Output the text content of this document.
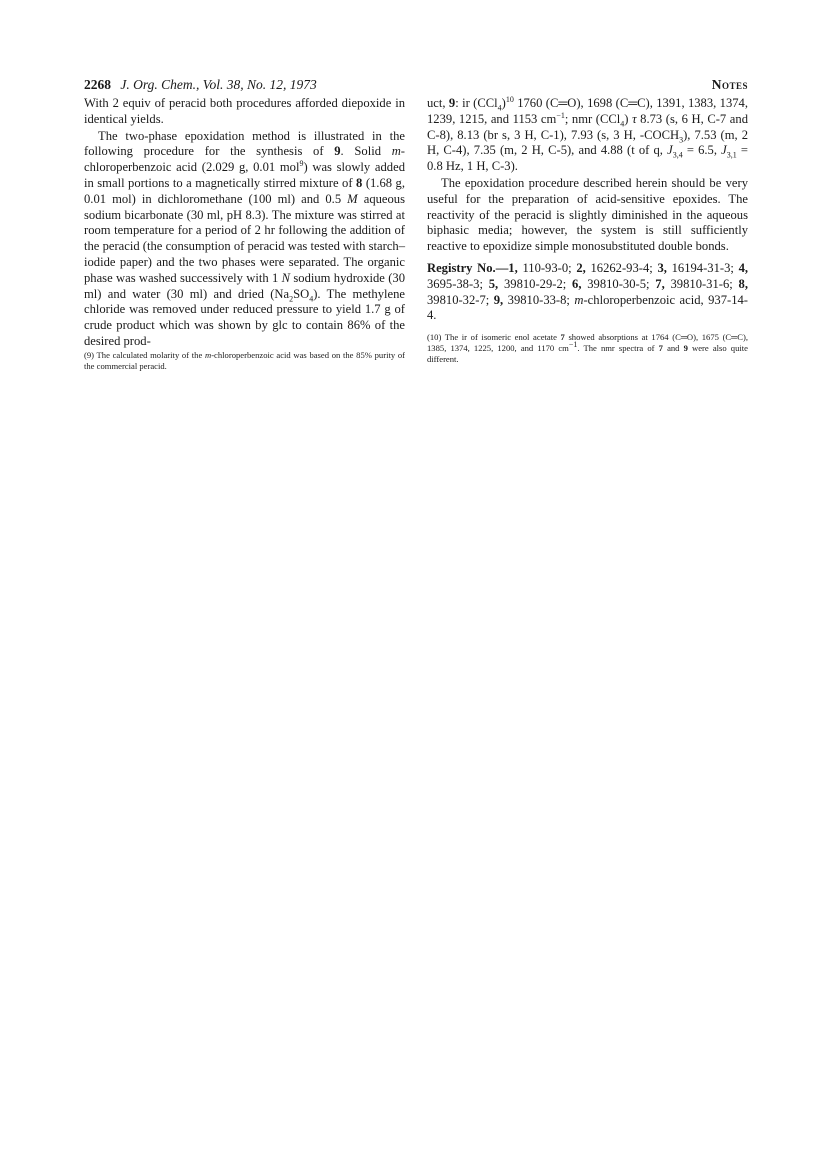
2268 J. Org. Chem., Vol. 38, No. 12, 1973	Notes

With 2 equiv of peracid both procedures afforded diepoxide in identical yields.

The two-phase epoxidation method is illustrated in the following procedure for the synthesis of 9. Solid m-chloroperbenzoic acid (2.029 g, 0.01 mol$^9$) was slowly added in small portions to a magnetically stirred mixture of 8 (1.68 g, 0.01 mol) in dichloromethane (100 ml) and 0.5 M aqueous sodium bicarbonate (30 ml, pH 8.3). The mixture was stirred at room temperature for a period of 2 hr following the addition of the peracid (the consumption of peracid was tested with starch–iodide paper) and the two phases were separated. The organic phase was washed successively with 1 N sodium hydroxide (30 ml) and water (30 ml) and dried $(Na_2SO_4)$. The methylene chloride was removed under reduced pressure to yield 1.7 g of crude product which was shown by glc to contain 86% of the desired prod-

(9) The calculated molarity of the m-chloroperbenzoic acid was based on the 85% purity of the commercial peracid.

uct, 9: ir $(CCl_4)^{10}$ 1760 (C═O), 1698 (C═C), 1391, 1383, 1374, 1239, 1215, and 1153 $cm^{-1}$; nmr (CCl$_4$) τ 8.73 (s, 6 H, C-7 and C-8), 8.13 (br s, 3 H, C-1), 7.93 (s, 3 H, $-COCH_3$), 7.53 (m, 2 H, C-4), 7.35 (m, 2 H, C-5), and 4.88 (t of q, $J_{3,4} = 6.5$, $J_{3,1} = 0.8$ Hz, 1 H, C-3).

The epoxidation procedure described herein should be very useful for the preparation of acid-sensitive epoxides. The reactivity of the peracid is slightly diminished in the aqueous biphasic media; however, the system is still sufficiently reactive to epoxidize simple monosubstituted double bonds.

Registry No.—1, 110-93-0; 2, 16262-93-4; 3, 16194-31-3; 4, 3695-38-3; 5, 39810-29-2; 6, 39810-30-5; 7, 39810-31-6; 8, 39810-32-7; 9, 39810-33-8; m-chloroperbenzoic acid, 937-14-4.

(10) The ir of isomeric enol acetate 7 showed absorptions at 1764 (C═O), 1675 (C═C), 1385, 1374, 1225, 1200, and 1170 $cm^{-1}$. The nmr spectra of 7 and 9 were also quite different.
